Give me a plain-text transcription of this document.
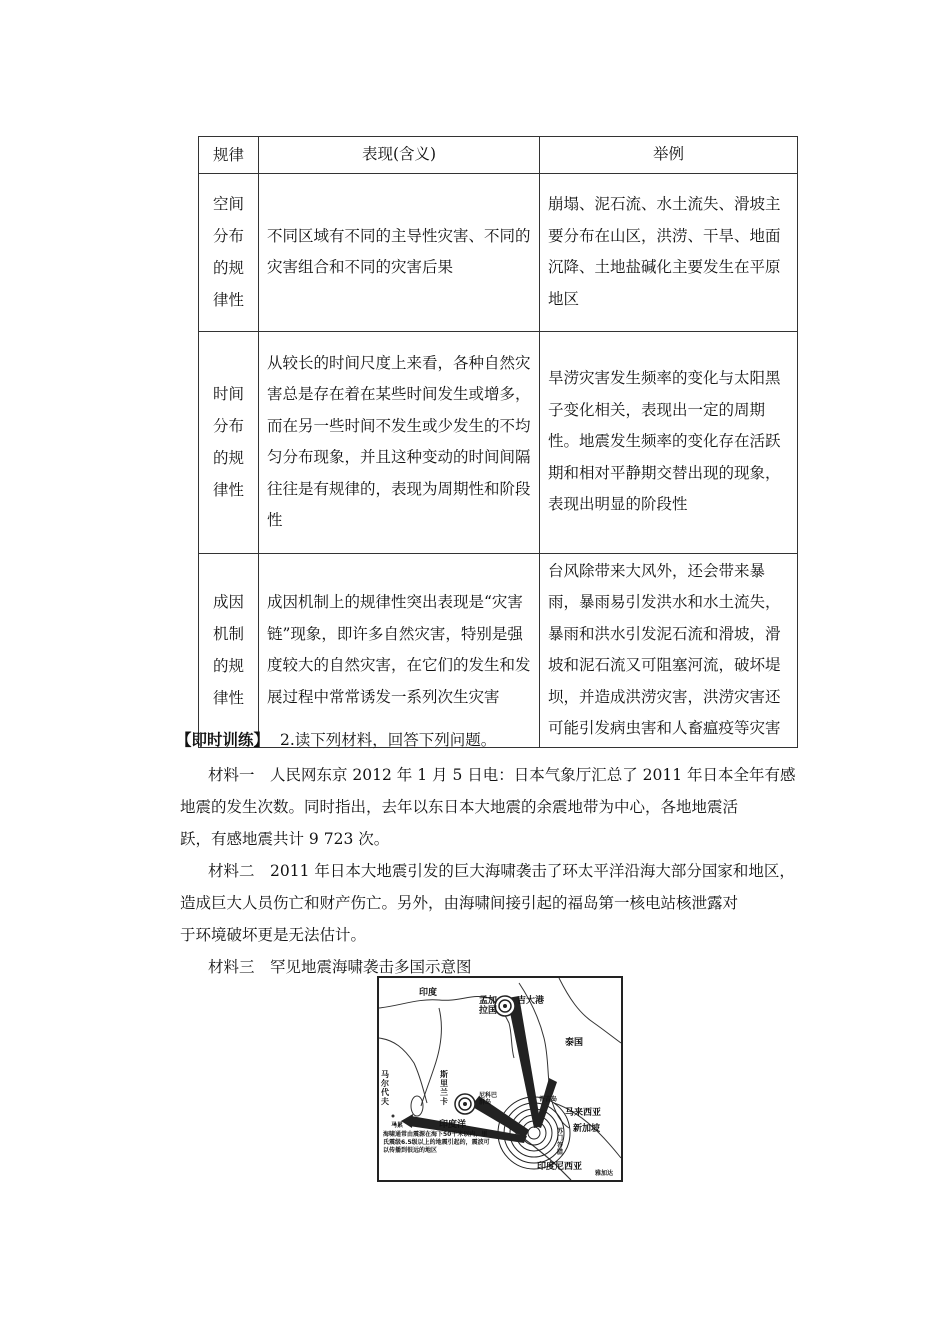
规律	表现(含义)	举例
空间
分布
的规
律性	不同区域有不同的主导性灾害、不同的灾害组合和不同的灾害后果	崩塌、泥石流、水土流失、滑坡主要分布在山区，洪涝、干旱、地面沉降、土地盐碱化主要发生在平原地区
时间
分布
的规
律性	从较长的时间尺度上来看，各种自然灾害总是存在着在某些时间发生或增多，而在另一些时间不发生或少发生的不均匀分布现象，并且这种变动的时间间隔往往是有规律的，表现为周期性和阶段性	旱涝灾害发生频率的变化与太阳黑子变化相关，表现出一定的周期性。地震发生频率的变化存在活跃期和相对平静期交替出现的现象，表现出明显的阶段性
成因
机制
的规
律性	成因机制上的规律性突出表现是“灾害链”现象，即许多自然灾害，特别是强度较大的自然灾害，在它们的发生和发展过程中常常诱发一系列次生灾害	台风除带来大风外，还会带来暴雨，暴雨易引发洪水和水土流失，暴雨和洪水引发泥石流和滑坡，滑坡和泥石流又可阻塞河流，破坏堤坝，并造成洪涝灾害，洪涝灾害还可能引发病虫害和人畜瘟疫等灾害
【即时训练】 2.读下列材料，回答下列问题。
材料一　人民网东京 2012 年 1 月 5 日电：日本气象厅汇总了 2011 年日本全年有感
地震的发生次数。同时指出，去年以东日本大地震的余震地带为中心，各地地震活
跃，有感地震共计 9 723 次。
材料二　2011 年日本大地震引发的巨大海啸袭击了环太平洋沿海大部分国家和地区，
造成巨大人员伤亡和财产伤亡。另外，由海啸间接引起的福岛第一核电站核泄露对
于环境破坏更是无法估计。
材料三　罕见地震海啸袭击多国示意图
印度
孟加
拉国
吉大港
泰国
斯
里
兰
卡
尼科巴
群岛	普吉岛
马
尔
代
夫
马累	印度洋
马来西亚
新加坡
印度尼西亚
雅加达
苏
门
答
腊
海啸通常由震源在海下50千米以内，里氏震级6.5级以上的地震引起的，震波可以传播到很远的地区
